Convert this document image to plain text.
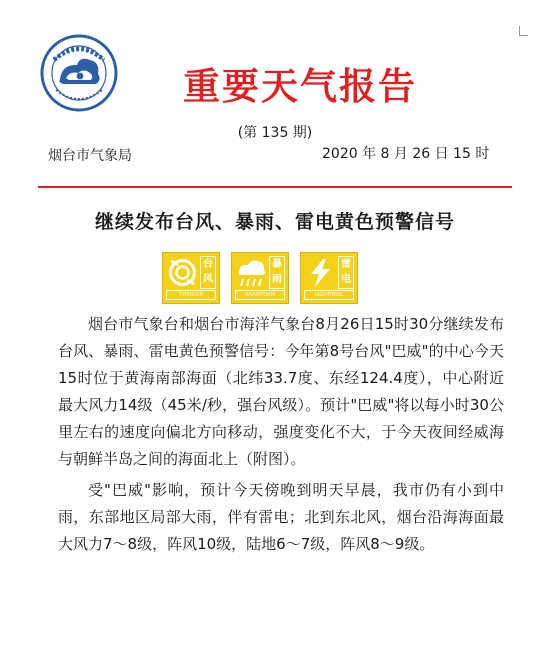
重要天气报告
(第 135 期)
烟台市气象局	2020 年 8 月 26 日 15 时
继续发布台风、暴雨、雷电黄色预警信号
台风
TYPHOON
暴雨
RAINSTORM
雷电
LIGHTNING

烟台市气象台和烟台市海洋气象台8月26日15时30分继续发布台风、暴雨、雷电黄色预警信号：今年第8号台风"巴威"的中心今天15时位于黄海南部海面（北纬33.7度、东经124.4度），中心附近最大风力14级（45米/秒，强台风级）。预计"巴威"将以每小时30公里左右的速度向偏北方向移动，强度变化不大，于今天夜间经威海与朝鲜半岛之间的海面北上（附图）。

受"巴威"影响，预计今天傍晚到明天早晨，我市仍有小到中雨，东部地区局部大雨，伴有雷电；北到东北风，烟台沿海海面最大风力7～8级，阵风10级，陆地6～7级，阵风8～9级。
